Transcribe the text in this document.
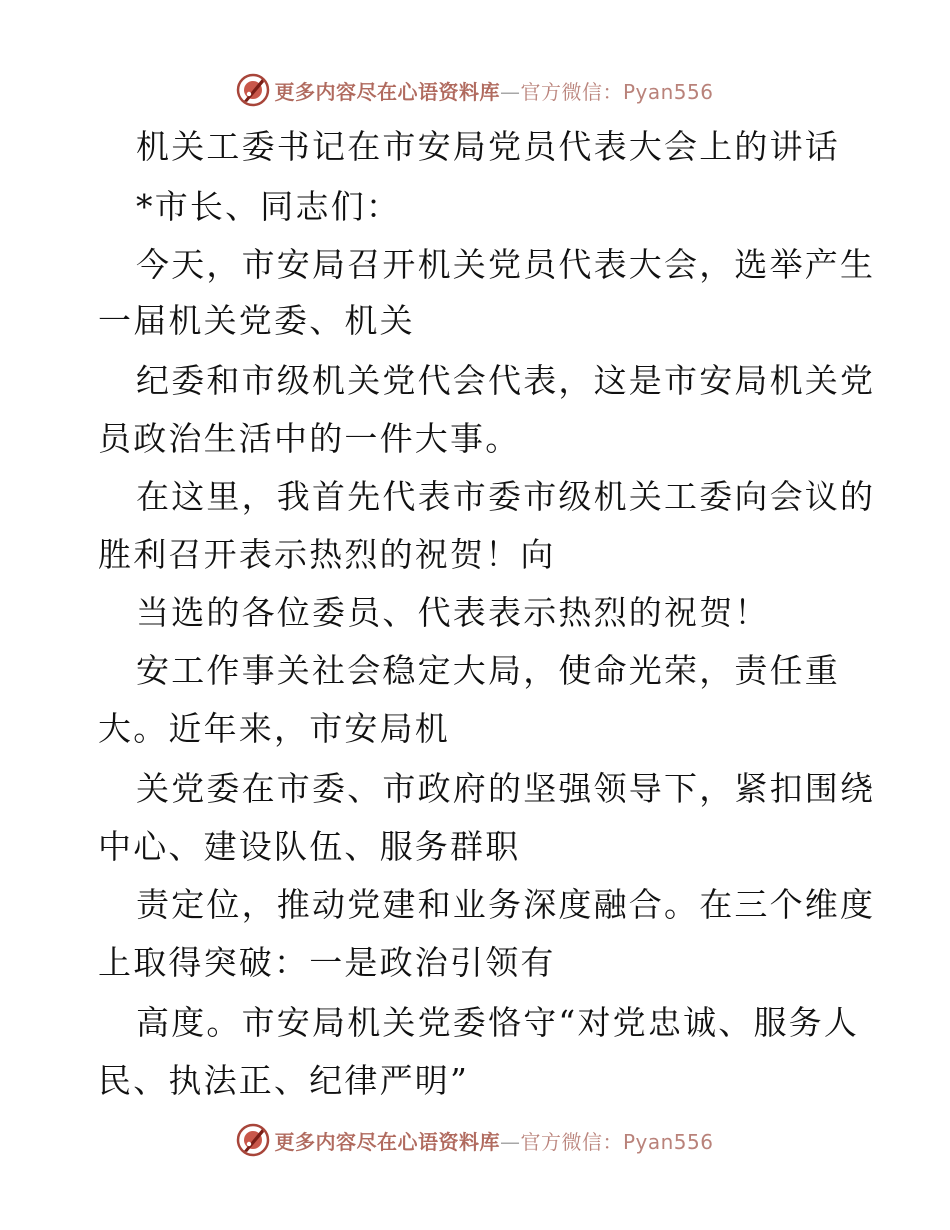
更多内容尽在心语资料库—官方微信：Pyan556
机关工委书记在市安局党员代表大会上的讲话
*市长、同志们：
今天，市安局召开机关党员代表大会，选举产生
一届机关党委、机关
纪委和市级机关党代会代表，这是市安局机关党
员政治生活中的一件大事。
在这里，我首先代表市委市级机关工委向会议的
胜利召开表示热烈的祝贺！向
当选的各位委员、代表表示热烈的祝贺！
安工作事关社会稳定大局，使命光荣，责任重
大。近年来，市安局机
关党委在市委、市政府的坚强领导下，紧扣围绕
中心、建设队伍、服务群职
责定位，推动党建和业务深度融合。在三个维度
上取得突破：一是政治引领有
高度。市安局机关党委恪守“对党忠诚、服务人
民、执法正、纪律严明”
更多内容尽在心语资料库—官方微信：Pyan556
